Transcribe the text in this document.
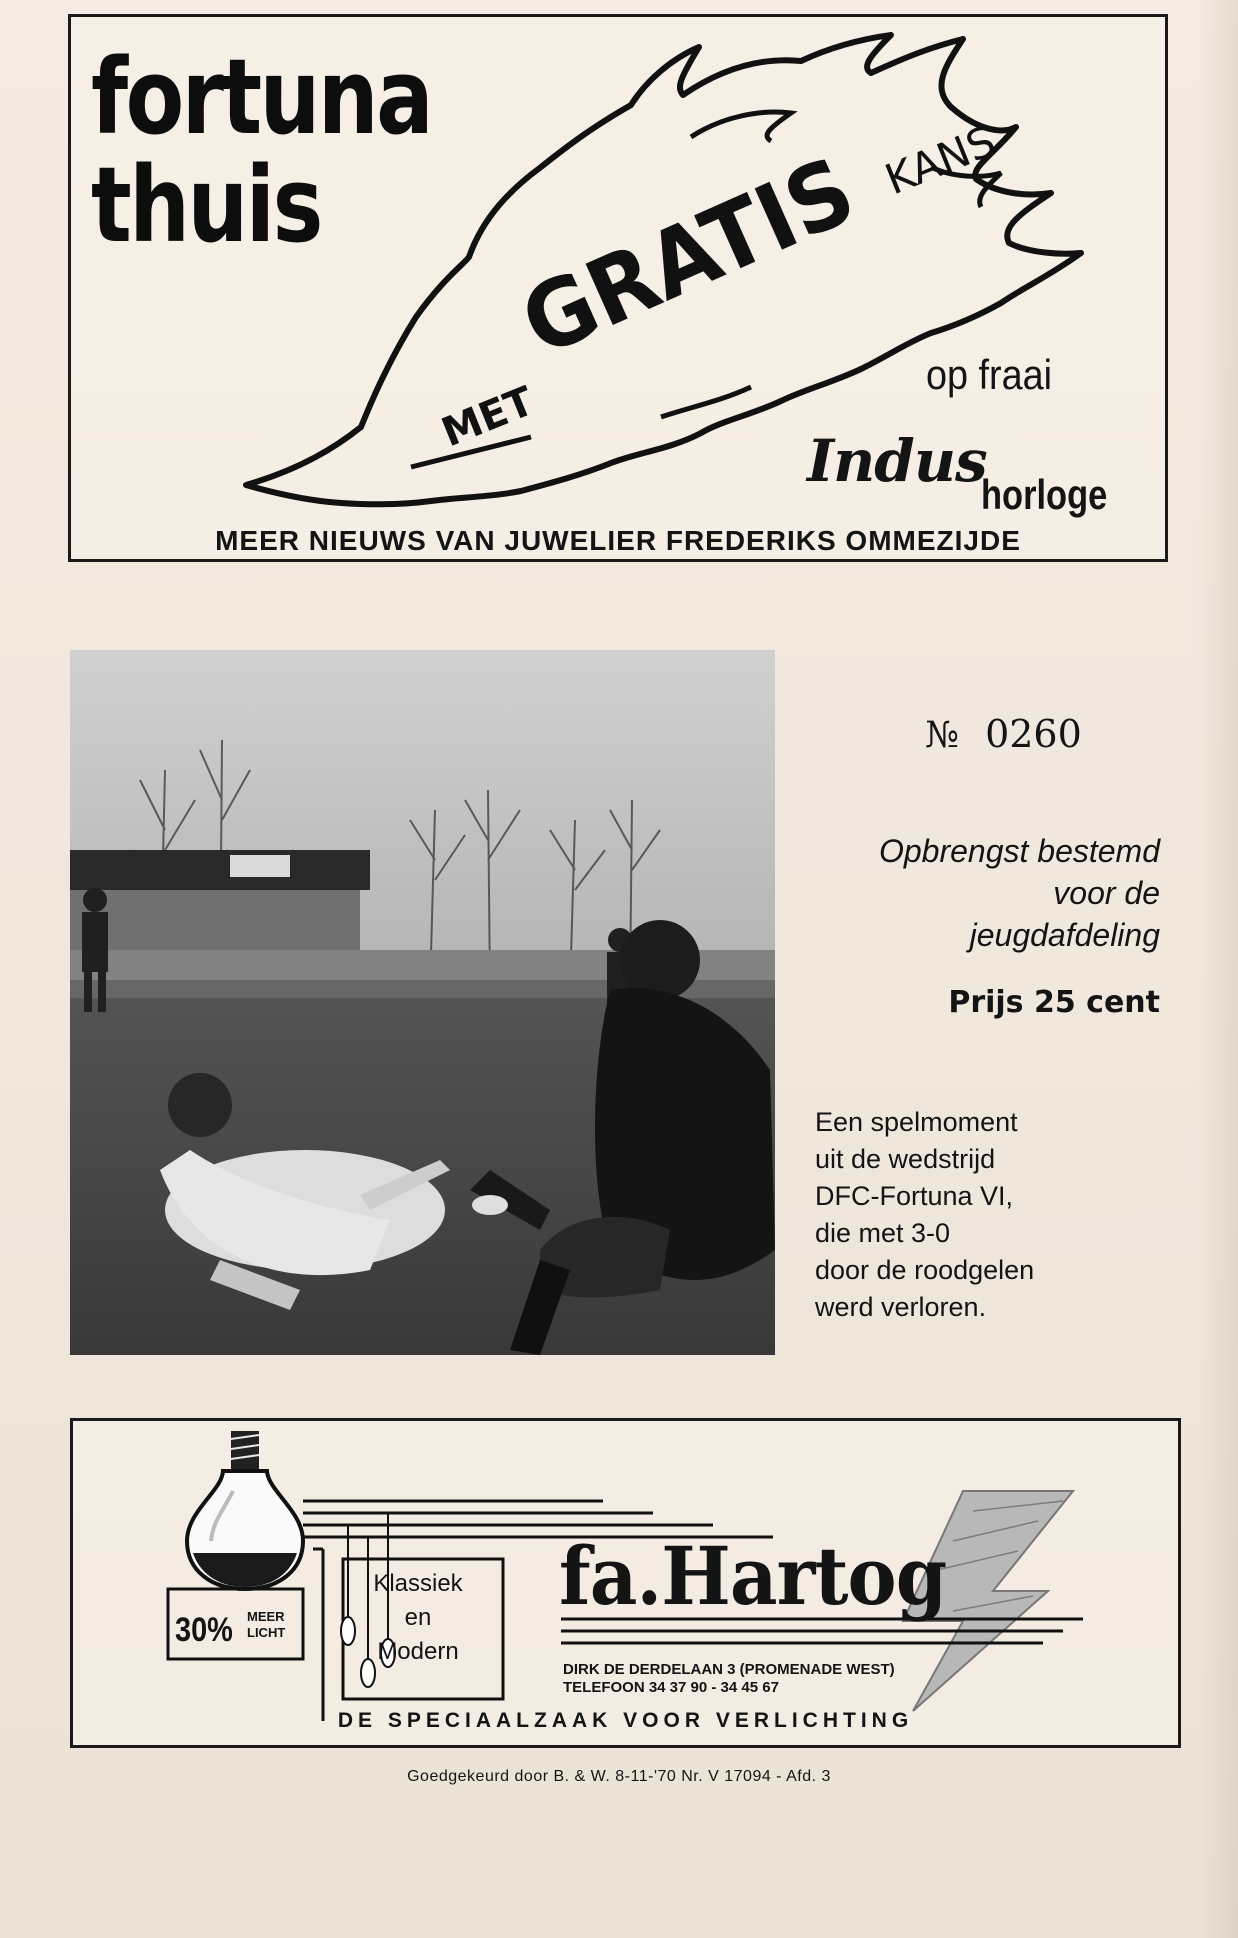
fortuna
thuis
MET
GRATIS
KANS
op fraai
Indus
horloge
MEER NIEUWS VAN JUWELIER FREDERIKS OMMEZIJDE
№ 0260
Opbrengst bestemd voor de jeugdafdeling
Prijs 25 cent
Een spelmoment
uit de wedstrijd
DFC-Fortuna VI,
die met 3-0
door de roodgelen
werd verloren.
30% MEER
LICHT
Klassiek
en
Modern
fa.Hartog
DIRK DE DERDELAAN 3 (PROMENADE WEST)
TELEFOON 34 37 90 - 34 45 67
DE SPECIAALZAAK VOOR VERLICHTING
Goedgekeurd door B. & W. 8-11-'70 Nr. V 17094 - Afd. 3
